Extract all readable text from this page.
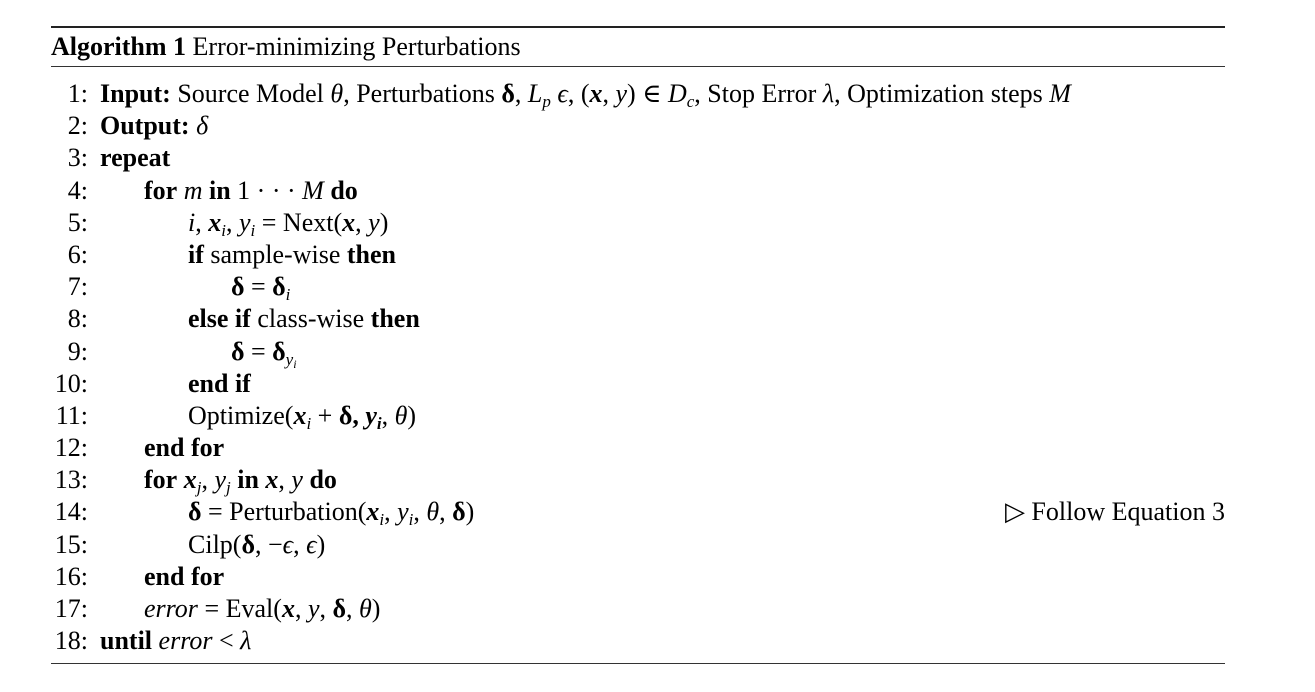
Algorithm 1 Error-minimizing Perturbations
1: Input: Source Model θ, Perturbations δ, $L_p$ ϵ, (x, y) ∈ $D_c$, Stop Error λ, Optimization steps M
2: Output: δ
3: repeat
4: for m in 1 · · · M do
5:	i, $x_i$, $y_i$ = Next(x, y)
6:	if sample-wise then
7:	$\delta = \delta_i$
8:	else if class-wise then
9:	$\delta = \delta_{yi}$
10:	end if
11:	$Optimize(x_i + \delta$, $y_i$, θ)
12: end for
13: for $x_j$, $y_j$ in x, y do
14:	$\delta = Perturbation(x_i$, $y_i$, θ, δ)	▷ Follow Equation 3
15:	Cilp(δ, −ϵ, ϵ)
16: end for
17: error = Eval(x, y, δ, θ)
18: until error < λ
